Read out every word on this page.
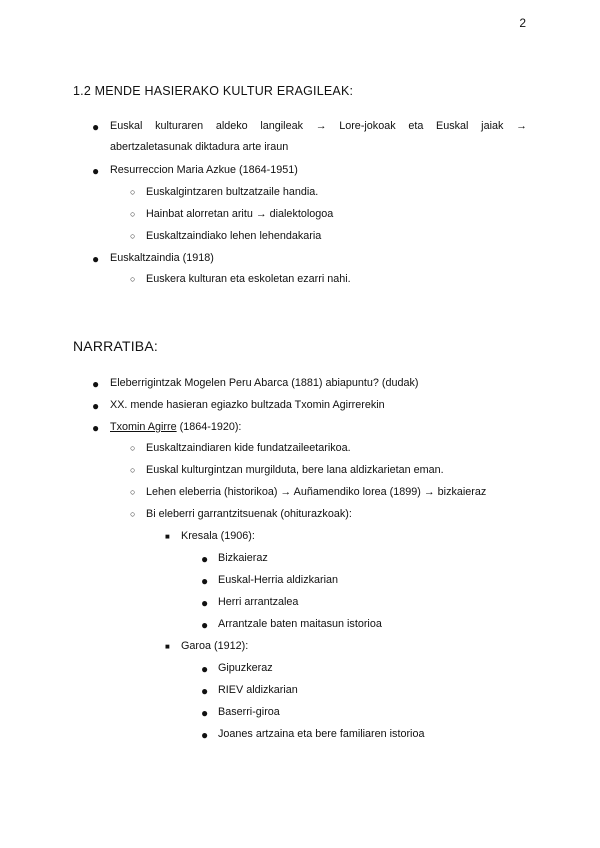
2
1.2 MENDE HASIERAKO KULTUR ERAGILEAK:
● Euskal kulturaren aldeko langileak → Lore-jokoak eta Euskal jaiak →
abertzaletasunak diktadura arte iraun
● Resurreccion Maria Azkue (1864-1951)
○ Euskalgintzaren bultzatzaile handia.
○ Hainbat alorretan aritu → dialektologoa
○ Euskaltzaindiako lehen lehendakaria
● Euskaltzaindia (1918)
○ Euskera kulturan eta eskoletan ezarri nahi.
NARRATIBA:
● Eleberrigintzak Mogelen Peru Abarca (1881) abiapuntu? (dudak)
● XX. mende hasieran egiazko bultzada Txomin Agirrerekin
● Txomin Agirre (1864-1920):
○ Euskaltzaindiaren kide fundatzaileetarikoa.
○ Euskal kulturgintzan murgilduta, bere lana aldizkarietan eman.
○ Lehen eleberria (historikoa) → Auñamendiko lorea (1899) → bizkaieraz
○ Bi eleberri garrantzitsuenak (ohiturazkoak):
■ Kresala (1906):
● Bizkaieraz
● Euskal-Herria aldizkarian
● Herri arrantzalea
● Arrantzale baten maitasun istorioa
■ Garoa (1912):
● Gipuzkeraz
● RIEV aldizkarian
● Baserri-giroa
● Joanes artzaina eta bere familiaren istorioa
